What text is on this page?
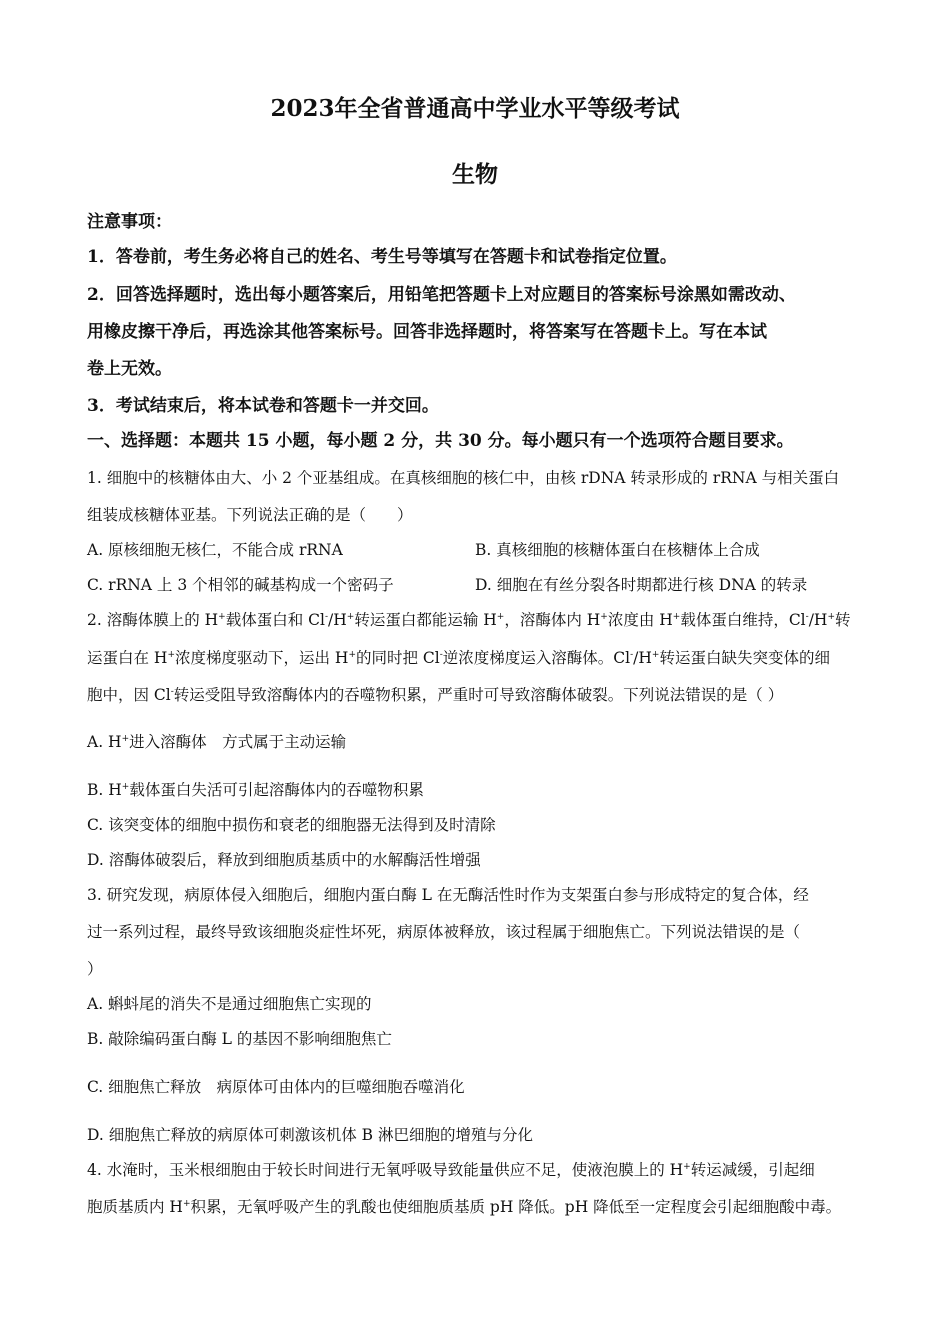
2023年全省普通高中学业水平等级考试
生物
注意事项：
1．答卷前，考生务必将自己的姓名、考生号等填写在答题卡和试卷指定位置。
2．回答选择题时，选出每小题答案后，用铅笔把答题卡上对应题目的答案标号涂黑如需改动、
用橡皮擦干净后，再选涂其他答案标号。回答非选择题时，将答案写在答题卡上。写在本试
卷上无效。
3．考试结束后，将本试卷和答题卡一并交回。
一、选择题：本题共 15 小题，每小题 2 分，共 30 分。每小题只有一个选项符合题目要求。
1. 细胞中的核糖体由大、小 2 个亚基组成。在真核细胞的核仁中，由核 rDNA 转录形成的 rRNA 与相关蛋白
组装成核糖体亚基。下列说法正确的是（　　）
A. 原核细胞无核仁，不能合成 rRNA	B. 真核细胞的核糖体蛋白在核糖体上合成
C. rRNA 上 3 个相邻的碱基构成一个密码子	D. 细胞在有丝分裂各时期都进行核 DNA 的转录
2. 溶酶体膜上的 H+载体蛋白和 Cl-/H+转运蛋白都能运输 H+，溶酶体内 H+浓度由 H+载体蛋白维持，Cl-/H+转
运蛋白在 H+浓度梯度驱动下，运出 H+的同时把 Cl-逆浓度梯度运入溶酶体。Cl-/H+转运蛋白缺失突变体的细
胞中，因 Cl-转运受阻导致溶酶体内的吞噬物积累，严重时可导致溶酶体破裂。下列说法错误的是（ ）
A. H+进入溶酶体　方式属于主动运输
B. H+载体蛋白失活可引起溶酶体内的吞噬物积累
C. 该突变体的细胞中损伤和衰老的细胞器无法得到及时清除
D. 溶酶体破裂后，释放到细胞质基质中的水解酶活性增强
3. 研究发现，病原体侵入细胞后，细胞内蛋白酶 L 在无酶活性时作为支架蛋白参与形成特定的复合体，经
过一系列过程，最终导致该细胞炎症性坏死，病原体被释放，该过程属于细胞焦亡。下列说法错误的是（
）
A. 蝌蚪尾的消失不是通过细胞焦亡实现的
B. 敲除编码蛋白酶 L 的基因不影响细胞焦亡
C. 细胞焦亡释放　病原体可由体内的巨噬细胞吞噬消化
D. 细胞焦亡释放的病原体可刺激该机体 B 淋巴细胞的增殖与分化
4. 水淹时，玉米根细胞由于较长时间进行无氧呼吸导致能量供应不足，使液泡膜上的 H+转运减缓，引起细
胞质基质内 H+积累，无氧呼吸产生的乳酸也使细胞质基质 pH 降低。pH 降低至一定程度会引起细胞酸中毒。
